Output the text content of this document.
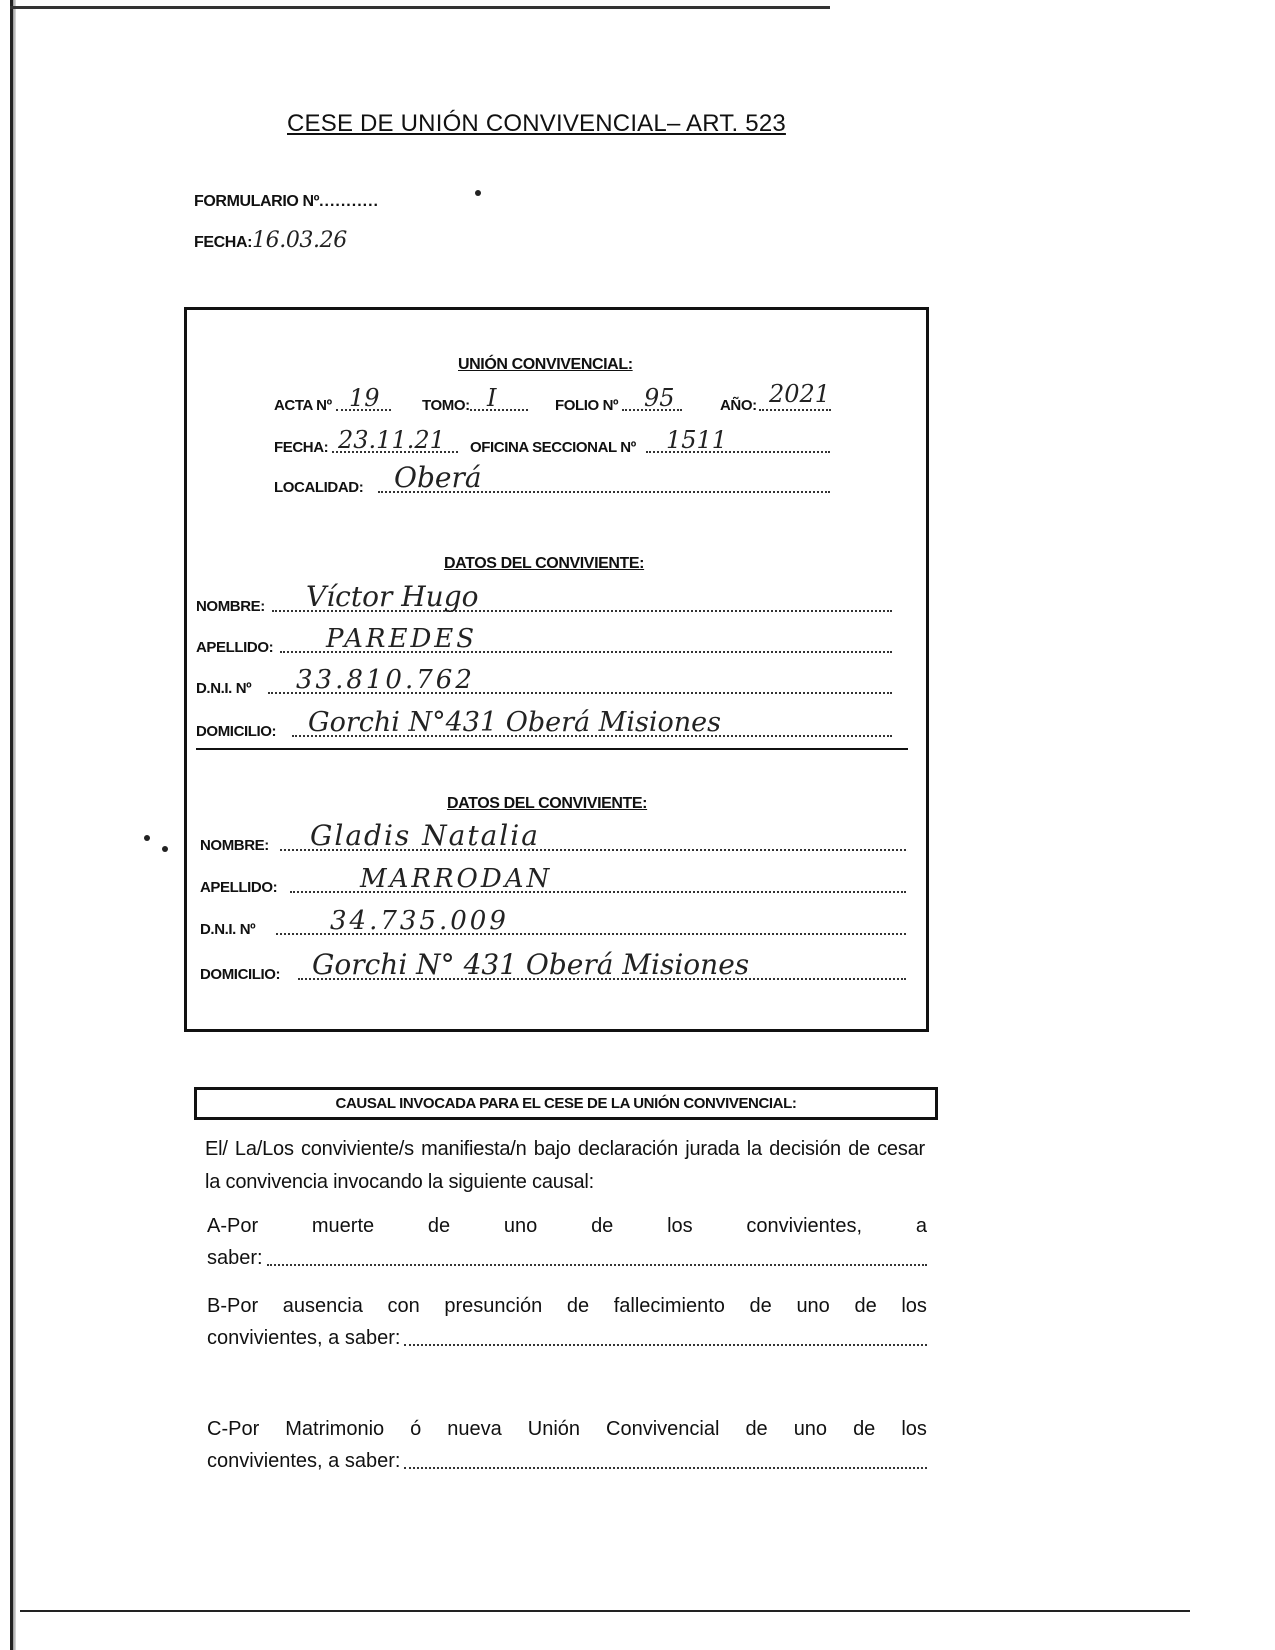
CESE DE UNIÓN CONVIVENCIAL– ART. 523
FORMULARIO Nº...........
FECHA:16.03.26
UNIÓN CONVIVENCIAL:
ACTA Nº 19	TOMO: I	FOLIO Nº 95	AÑO: 2021
FECHA: 23.11.21 OFICINA SECCIONAL Nº 1511
LOCALIDAD: Oberá
DATOS DEL CONVIVIENTE:
NOMBRE: Víctor Hugo
APELLIDO: PAREDES
D.N.I. Nº 33.810.762
DOMICILIO: Gorchi N°431 Oberá Misiones
DATOS DEL CONVIVIENTE:
NOMBRE: Gladis Natalia
APELLIDO:	MARRODAN
D.N.I. Nº	34.735.009
DOMICILIO: Gorchi N° 431 Oberá Misiones
CAUSAL INVOCADA PARA EL CESE DE LA UNIÓN CONVIVENCIAL:
El/ La/Los conviviente/s manifiesta/n bajo declaración jurada la decisión de cesar la convivencia invocando la siguiente causal:
A-Por	muerte	de	uno	de	los	convivientes,	a
saber:
B-Por ausencia con presunción de fallecimiento de uno de los
convivientes, a saber:
C-Por Matrimonio ó nueva Unión Convivencial de uno de los
convivientes, a saber:
